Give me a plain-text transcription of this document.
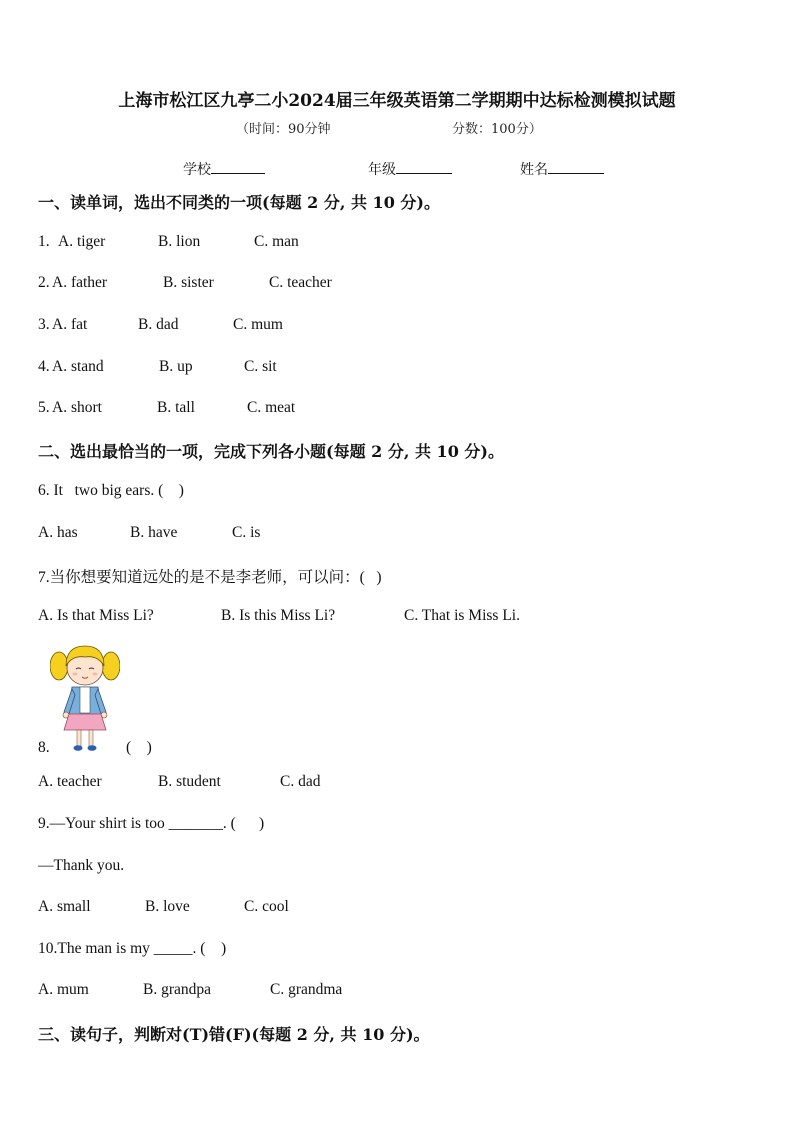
上海市松江区九亭二小2024届三年级英语第二学期期中达标检测模拟试题
（时间：90分钟	分数：100分）
学校	年级	姓名
一、读单词，选出不同类的一项(每题 2 分, 共 10 分)。
1. A. tiger	B. lion	C. man
2. A. father	B. sister	C. teacher
3. A. fat	B. dad	C. mum
4. A. stand	B. up	C. sit
5. A. short	B. tall	C. meat
二、选出最恰当的一项，完成下列各小题(每题 2 分, 共 10 分)。
6. It   two big ears. (    )
A. has	B. have	C. is
7.当你想要知道远处的是不是李老师，可以问：(   )
A. Is that Miss Li?	B. Is this Miss Li?	C. That is Miss Li.
8.	(    )
A. teacher	B. student	C. dad
9.—Your shirt is too _______. (      )
—Thank you.
A. small	B. love	C. cool
10.The man is my _____. (    )
A. mum	B. grandpa	C. grandma
三、读句子，判断对(T)错(F)(每题 2 分, 共 10 分)。
